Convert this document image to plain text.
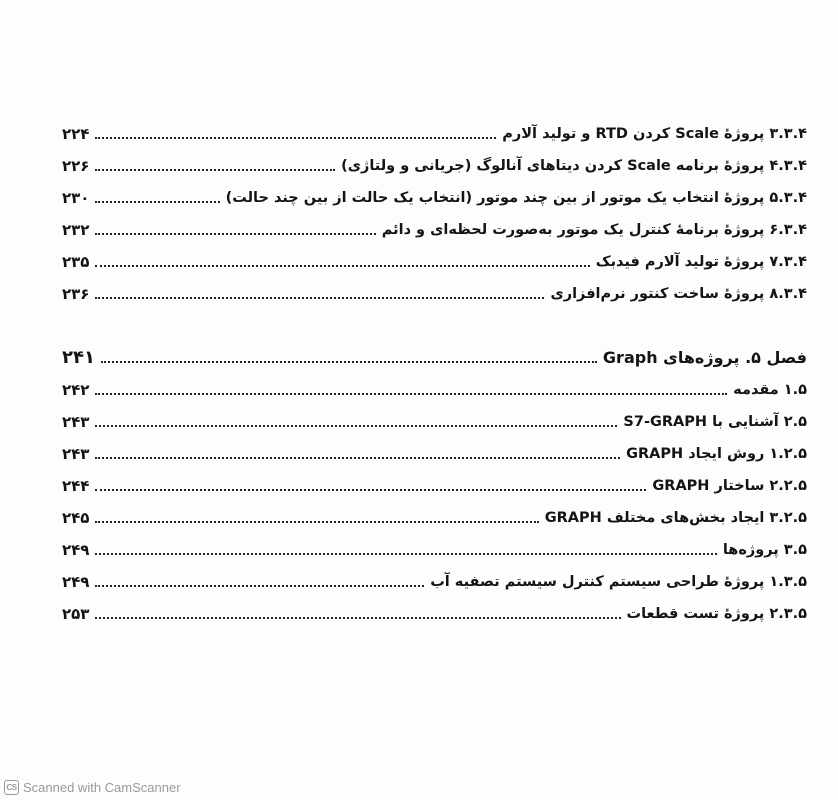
۲۲۴	۳.۳.۴ پروژهٔ Scale کردن RTD و تولید آلارم
۲۲۶	۴.۳.۴ پروژهٔ برنامه Scale کردن دیتاهای آنالوگ (جریانی و ولتاژی)
۲۳۰	۵.۳.۴ پروژهٔ انتخاب یک موتور از بین چند موتور (انتخاب یک حالت از بین چند حالت)
۲۳۲	۶.۳.۴ پروژهٔ برنامهٔ کنترل یک موتور به‌صورت لحظه‌ای و دائم
۲۳۵	۷.۳.۴ پروژهٔ تولید آلارم فیدبک
۲۳۶	۸.۳.۴ پروژهٔ ساخت کنتور نرم‌افزاری
۲۴۱	فصل ۵. پروژه‌های Graph
۲۴۲	۱.۵ مقدمه
۲۴۳	۲.۵ آشنایی با S7-GRAPH
۲۴۳	۱.۲.۵ روش ایجاد GRAPH
۲۴۴	۲.۲.۵ ساختار GRAPH
۲۴۵	۳.۲.۵ ایجاد بخش‌های مختلف GRAPH
۲۴۹	۳.۵ پروژه‌ها
۲۴۹	۱.۳.۵ پروژهٔ طراحی سیستم کنترل سیستم تصفیه آب
۲۵۳	۲.۳.۵ پروژهٔ تست قطعات
CS Scanned with CamScanner
